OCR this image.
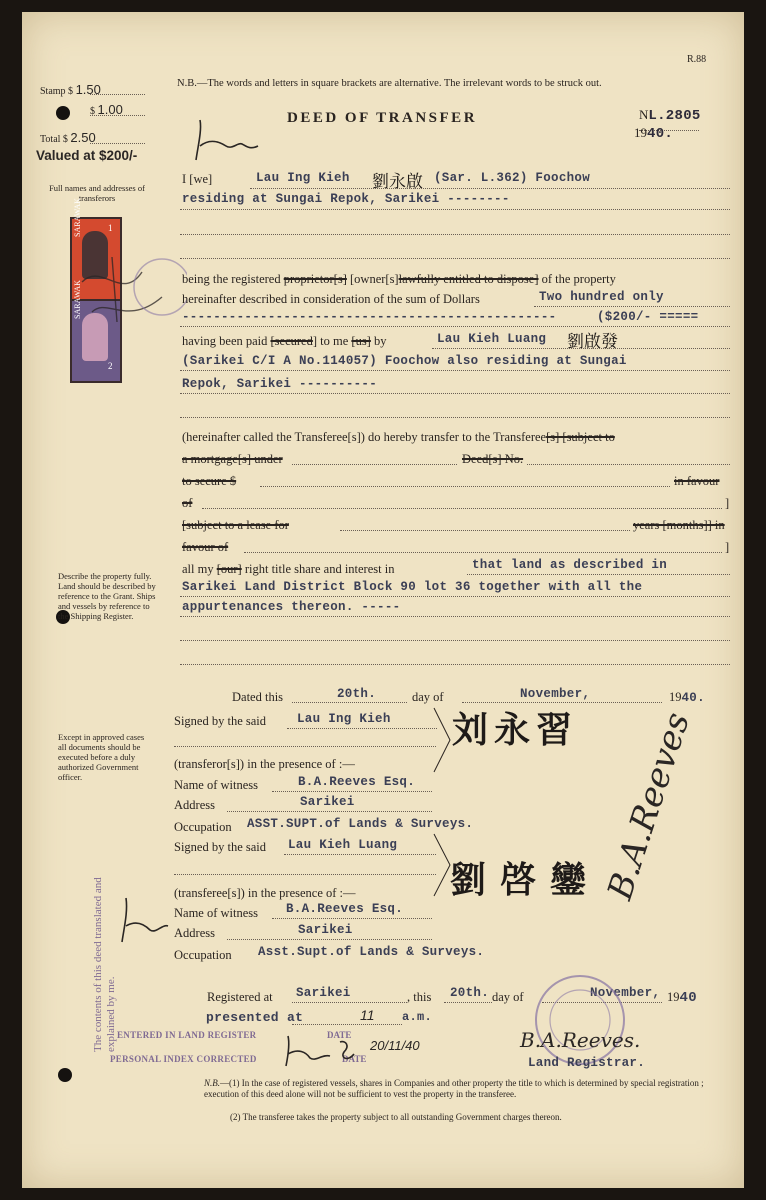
R.88
N.B.—The words and letters in square brackets are alternative. The irrelevant words to be struck out.
DEED OF TRANSFER	NL.2805
1940.
Stamp $ 1.50
$ 1.00
Total $ 2.50
Valued at $200/-
Full names and addresses of transferors
Describe the property fully. Land should be described by reference to the Grant. Ships and vessels by reference to the Shipping Register.
Except in approved cases all documents should be executed before a duly authorized Government officer.
The contents of this deed translated and explained by me.
SARAWAK	1
SARAWAK
2
I [we]	Lau Ing Kieh 劉永啟 (Sar. L.362) Foochow
residing at Sungai Repok, Sarikei --------
being the registered proprietor[s] [owner[s]lawfully entitled to dispose] of the property
hereinafter described in consideration of the sum of Dollars	Two hundred only
------------------------------------------------	($200/- =====
having been paid [secured] to me [us] by	Lau Kieh Luang 劉啟發
(Sarikei C/I A No.114057) Foochow also residing at Sungai
Repok, Sarikei ----------
(hereinafter called the Transferee[s]) do hereby transfer to the Transferee[s] [subject to
a mortgage[s] under	Deed[s] No.
to secure $	in favour
of	]
[subject to a lease for	years [months]] in
favour of	]
all my [our] right title share and interest in	that land as described in
Sarikei Land District Block 90 lot 36 together with all the
appurtenances thereon. -----
Dated this	20th.	day of	November,	1940.
Signed by the said Lau Ing Kieh 刘永習
(transferor[s]) in the presence of :—
Name of witness	B.A.Reeves Esq.
Address	Sarikei
Occupation ASST.SUPT.of Lands & Surveys.
Signed by the said Lau Kieh Luang
劉啓鑾
(transferee[s]) in the presence of :—
Name of witness B.A.Reeves Esq.
Address	Sarikei
Occupation Asst.Supt.of Lands & Surveys.
B.A.Reeves
Registered at Sarikei	, this 20th. day of	November, 1940
presented at	11 a.m.
ENTERED IN LAND REGISTER	DATE
PERSONAL INDEX CORRECTED	DATE
20/11/40	B.A.Reeves.
Land Registrar.
N.B.—(1) In the case of registered vessels, shares in Companies and other property the title to which is determined by special registration ; execution of this deed alone will not be sufficient to vest the property in the transferee.
(2) The transferee takes the property subject to all outstanding Government charges thereon.
